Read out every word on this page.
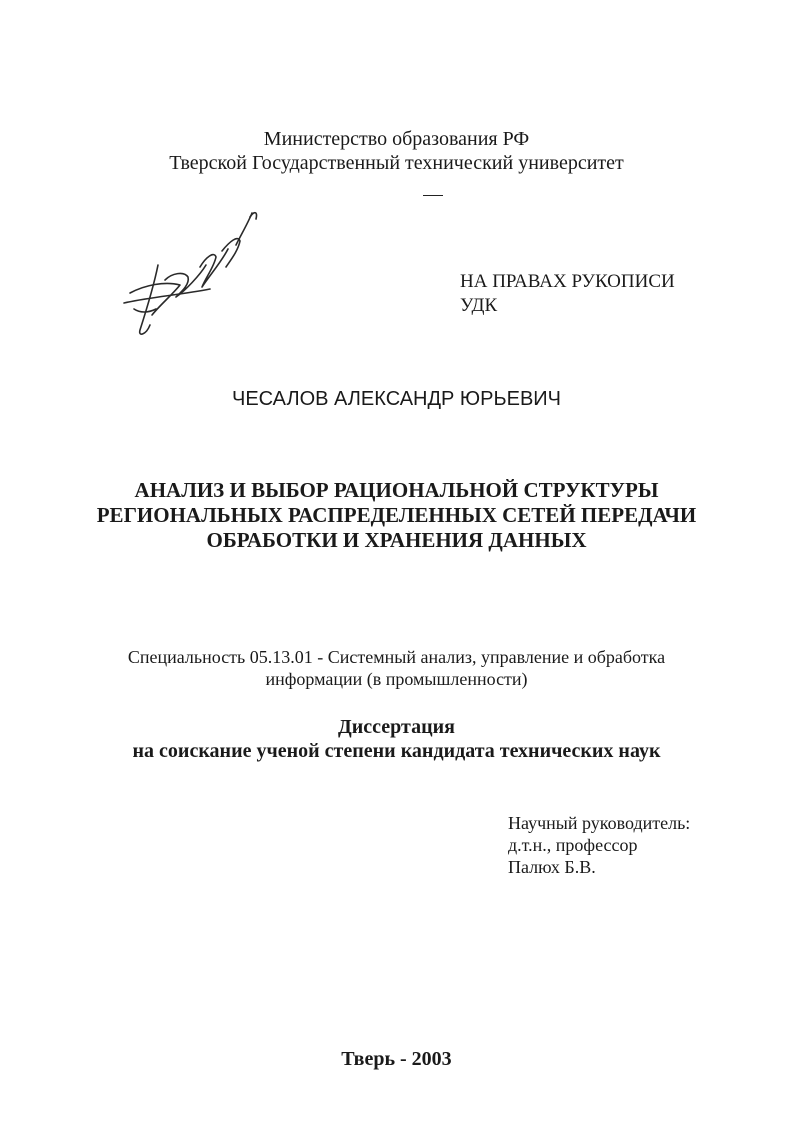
Министерство образования РФ
Тверской Государственный технический университет
НА ПРАВАХ РУКОПИСИ
УДК
ЧЕСАЛОВ АЛЕКСАНДР ЮРЬЕВИЧ
АНАЛИЗ И ВЫБОР РАЦИОНАЛЬНОЙ СТРУКТУРЫ
РЕГИОНАЛЬНЫХ РАСПРЕДЕЛЕННЫХ СЕТЕЙ ПЕРЕДАЧИ
ОБРАБОТКИ И ХРАНЕНИЯ ДАННЫХ
Специальность 05.13.01 - Системный анализ, управление и обработка
информации (в промышленности)
Диссертация
на соискание ученой степени кандидата технических наук
Научный руководитель:
д.т.н., профессор
Палюх Б.В.
Тверь - 2003
